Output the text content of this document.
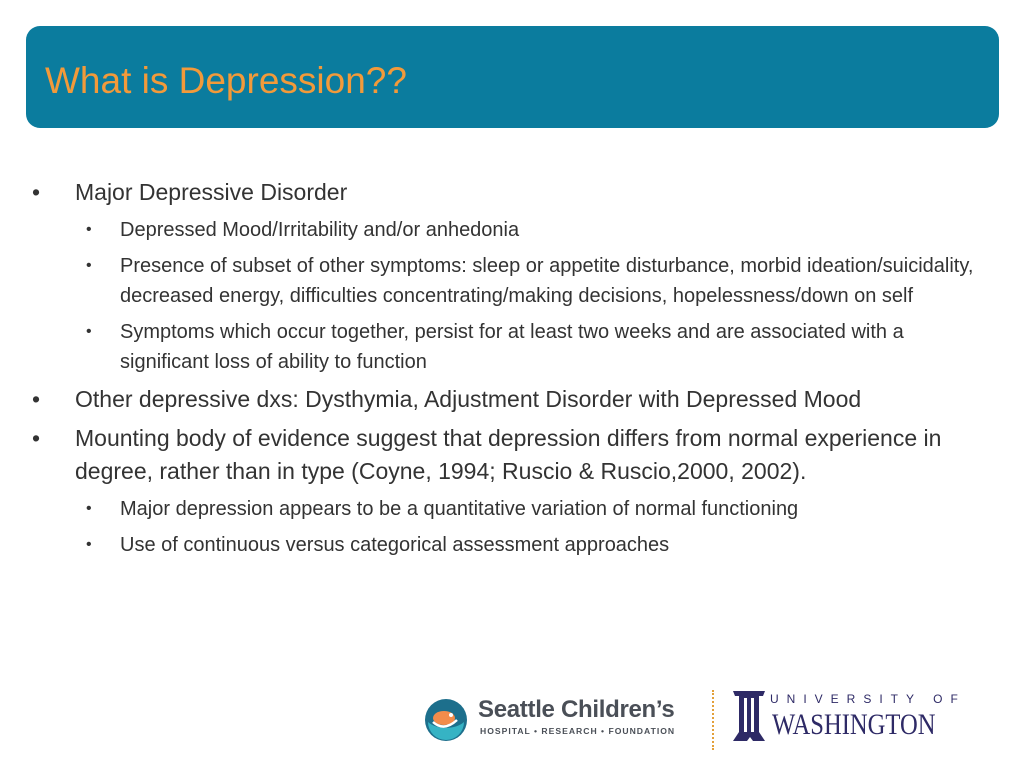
What is Depression??
• Major Depressive Disorder
• Depressed Mood/Irritability and/or anhedonia
• Presence of subset of other symptoms: sleep or appetite disturbance, morbid ideation/suicidality, decreased energy, difficulties concentrating/making decisions, hopelessness/down on self
• Symptoms which occur together, persist for at least two weeks and are associated with a significant loss of ability to function
• Other depressive dxs: Dysthymia, Adjustment Disorder with Depressed Mood
• Mounting body of evidence suggest that depression differs from normal experience in degree, rather than in type (Coyne, 1994; Ruscio & Ruscio,2000, 2002).
• Major depression appears to be a quantitative variation of normal functioning
• Use of continuous versus categorical assessment approaches
Seattle Children’s
HOSPITAL • RESEARCH • FOUNDATION
UNIVERSITY OF
WASHINGTON
